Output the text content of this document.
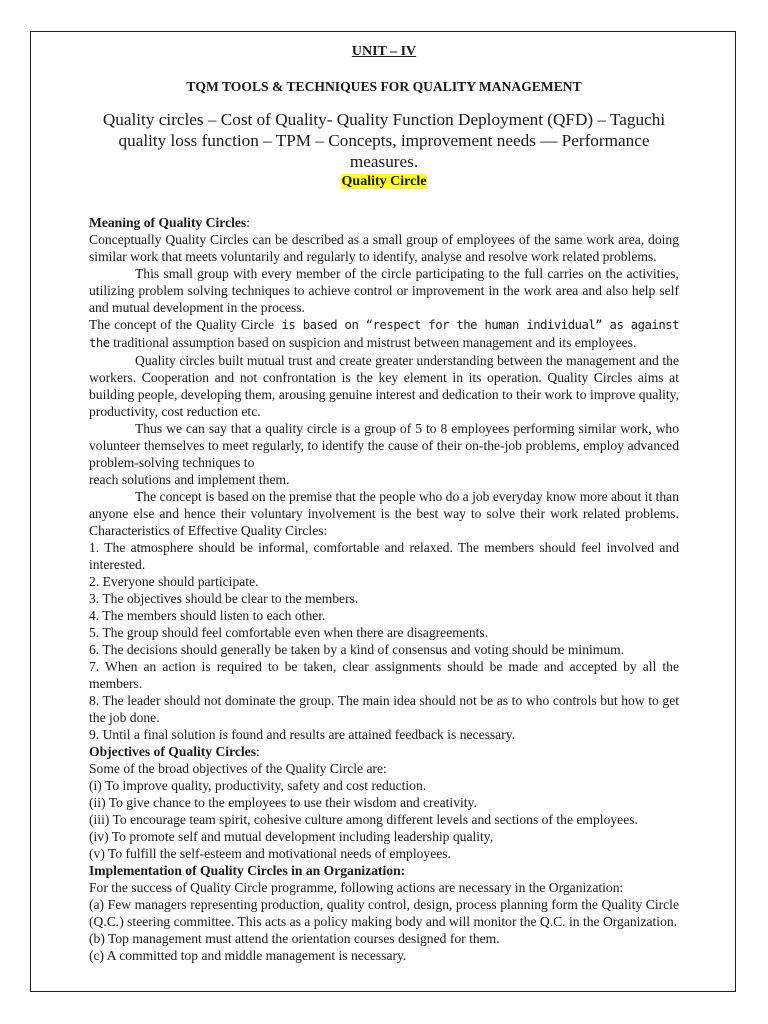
UNIT – IV
TQM TOOLS & TECHNIQUES FOR QUALITY MANAGEMENT
Quality circles – Cost of Quality- Quality Function Deployment (QFD) – Taguchi quality loss function – TPM – Concepts, improvement needs — Performance measures.
Quality Circle

Meaning of Quality Circles:

Conceptually Quality Circles can be described as a small group of employees of the same work area, doing similar work that meets voluntarily and regularly to identify, analyse and resolve work related problems.

This small group with every member of the circle participating to the full carries on the activities, utilizing problem solving techniques to achieve control or improvement in the work area and also help self and mutual development in the process.

The concept of the Quality Circle is based on “respect for the human individual” as against the traditional assumption based on suspicion and mistrust between management and its employees.

Quality circles built mutual trust and create greater understanding between the management and the workers. Cooperation and not confrontation is the key element in its operation. Quality Circles aims at building people, developing them, arousing genuine interest and dedication to their work to improve quality, productivity, cost reduction etc.

Thus we can say that a quality circle is a group of 5 to 8 employees performing similar work, who volunteer themselves to meet regularly, to identify the cause of their on-the-job problems, employ advanced problem-solving techniques to

reach solutions and implement them.

The concept is based on the premise that the people who do a job everyday know more about it than anyone else and hence their voluntary involvement is the best way to solve their work related problems. Characteristics of Effective Quality Circles:

1. The atmosphere should be informal, comfortable and relaxed. The members should feel involved and interested.

2. Everyone should participate.

3. The objectives should be clear to the members.

4. The members should listen to each other.

5. The group should feel comfortable even when there are disagreements.

6. The decisions should generally be taken by a kind of consensus and voting should be minimum.

7. When an action is required to be taken, clear assignments should be made and accepted by all the members.

8. The leader should not dominate the group. The main idea should not be as to who controls but how to get the job done.

9. Until a final solution is found and results are attained feedback is necessary.

Objectives of Quality Circles:

Some of the broad objectives of the Quality Circle are:

(i) To improve quality, productivity, safety and cost reduction.

(ii) To give chance to the employees to use their wisdom and creativity.

(iii) To encourage team spirit, cohesive culture among different levels and sections of the employees.

(iv) To promote self and mutual development including leadership quality,

(v) To fulfill the self-esteem and motivational needs of employees.

Implementation of Quality Circles in an Organization:

For the success of Quality Circle programme, following actions are necessary in the Organization:

(a) Few managers representing production, quality control, design, process planning form the Quality Circle (Q.C.) steering committee. This acts as a policy making body and will monitor the Q.C. in the Organization.

(b) Top management must attend the orientation courses designed for them.

(c) A committed top and middle management is necessary.
